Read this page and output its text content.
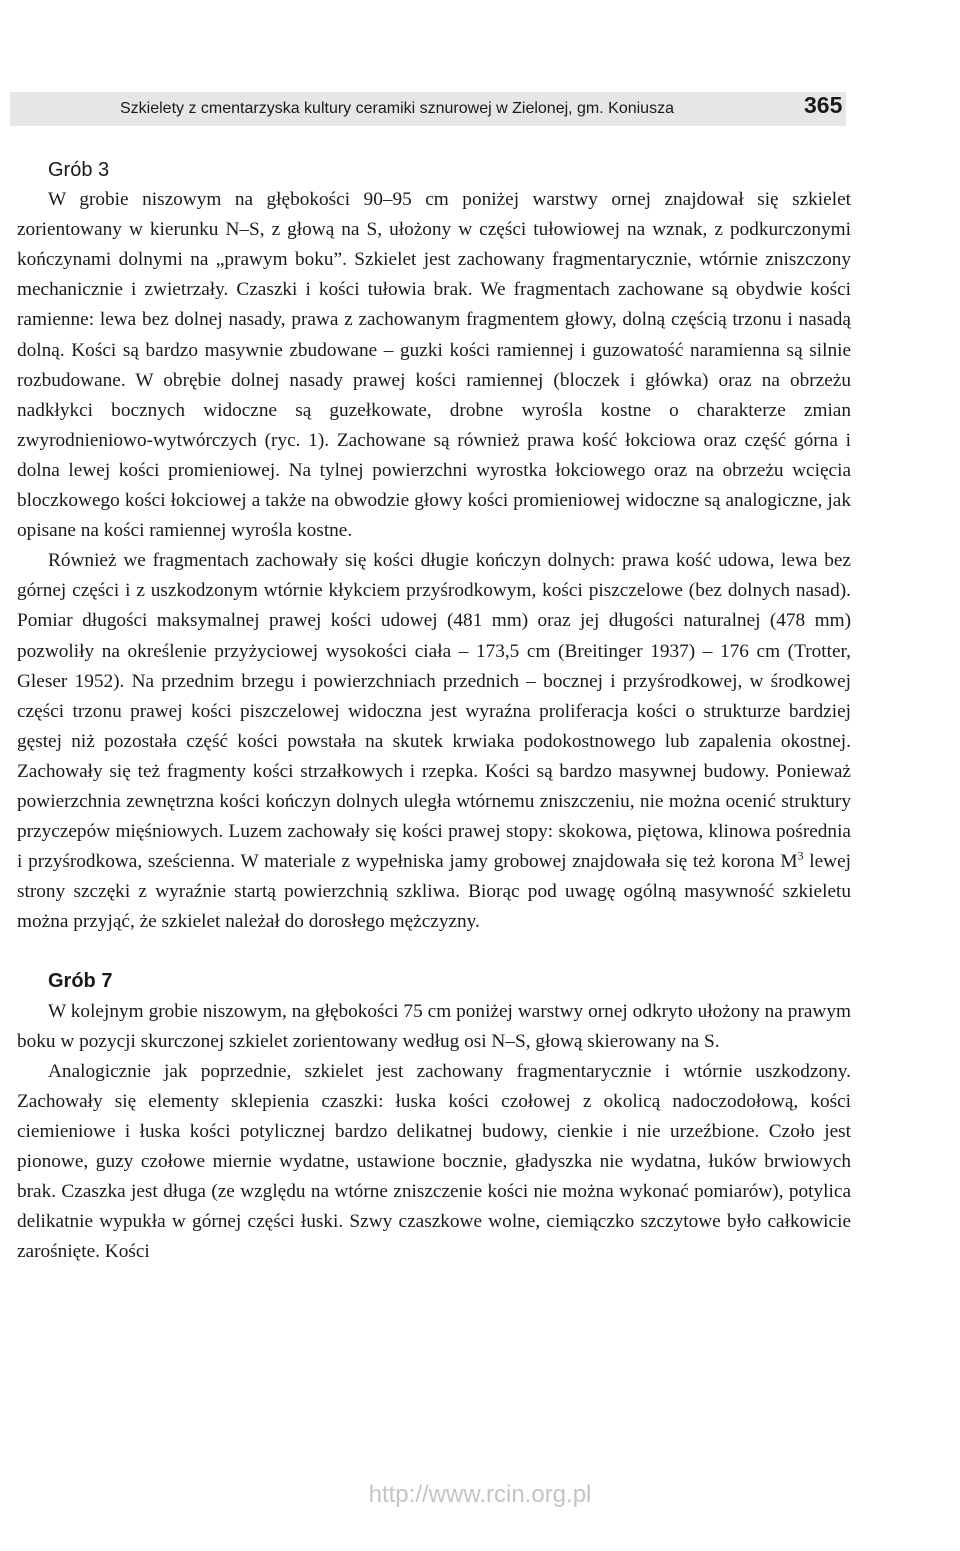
Szkielety z cmentarzyska kultury ceramiki sznurowej w Zielonej, gm. Koniusza	365
Grób 3

W grobie niszowym na głębokości 90–95 cm poniżej warstwy ornej znajdował się szkielet zorientowany w kierunku N–S, z głową na S, ułożony w części tułowiowej na wznak, z podkurczonymi kończynami dolnymi na „prawym boku”. Szkielet jest zachowany fragmentarycznie, wtórnie zniszczony mechanicznie i zwietrzały. Czaszki i kości tułowia brak. We fragmentach zachowane są obydwie kości ramienne: lewa bez dolnej nasady, prawa z zachowanym fragmentem głowy, dolną częścią trzonu i nasadą dolną. Kości są bardzo masywnie zbudowane – guzki kości ramiennej i guzowatość naramienna są silnie rozbudowane. W obrębie dolnej nasady prawej kości ramiennej (bloczek i główka) oraz na obrzeżu nadkłykci bocznych widoczne są guzełkowate, drobne wyrośla kostne o charakterze zmian zwyrodnieniowo-wytwórczych (ryc. 1). Zachowane są również prawa kość łokciowa oraz część górna i dolna lewej kości promieniowej. Na tylnej powierzchni wyrostka łokciowego oraz na obrzeżu wcięcia bloczkowego kości łokciowej a także na obwodzie głowy kości promieniowej widoczne są analogiczne, jak opisane na kości ramiennej wyrośla kostne.

Również we fragmentach zachowały się kości długie kończyn dolnych: prawa kość udowa, lewa bez górnej części i z uszkodzonym wtórnie kłykciem przyśrodkowym, kości piszczelowe (bez dolnych nasad). Pomiar długości maksymalnej prawej kości udowej (481 mm) oraz jej długości naturalnej (478 mm) pozwoliły na określenie przyżyciowej wysokości ciała – 173,5 cm (Breitinger 1937) – 176 cm (Trotter, Gleser 1952). Na przednim brzegu i powierzchniach przednich – bocznej i przyśrodkowej, w środkowej części trzonu prawej kości piszczelowej widoczna jest wyraźna proliferacja kości o strukturze bardziej gęstej niż pozostała część kości powstała na skutek krwiaka podokostnowego lub zapalenia okostnej. Zachowały się też fragmenty kości strzałkowych i rzepka. Kości są bardzo masywnej budowy. Ponieważ powierzchnia zewnętrzna kości kończyn dolnych uległa wtórnemu zniszczeniu, nie można ocenić struktury przyczepów mięśniowych. Luzem zachowały się kości prawej stopy: skokowa, piętowa, klinowa pośrednia i przyśrodkowa, sześcienna. W materiale z wypełniska jamy grobowej znajdowała się też korona $M^3$ lewej strony szczęki z wyraźnie startą powierzchnią szkliwa. Biorąc pod uwagę ogólną masywność szkieletu można przyjąć, że szkielet należał do dorosłego mężczyzny.

Grób 7

W kolejnym grobie niszowym, na głębokości 75 cm poniżej warstwy ornej odkryto ułożony na prawym boku w pozycji skurczonej szkielet zorientowany według osi N–S, głową skierowany na S.

Analogicznie jak poprzednie, szkielet jest zachowany fragmentarycznie i wtórnie uszkodzony. Zachowały się elementy sklepienia czaszki: łuska kości czołowej z okolicą nadoczodołową, kości ciemieniowe i łuska kości potylicznej bardzo delikatnej budowy, cienkie i nie urzeźbione. Czoło jest pionowe, guzy czołowe miernie wydatne, ustawione bocznie, gładyszka nie wydatna, łuków brwiowych brak. Czaszka jest długa (ze względu na wtórne zniszczenie kości nie można wykonać pomiarów), potylica delikatnie wypukła w górnej części łuski. Szwy czaszkowe wolne, ciemiączko szczytowe było całkowicie zarośnięte. Kości

http://www.rcin.org.pl
